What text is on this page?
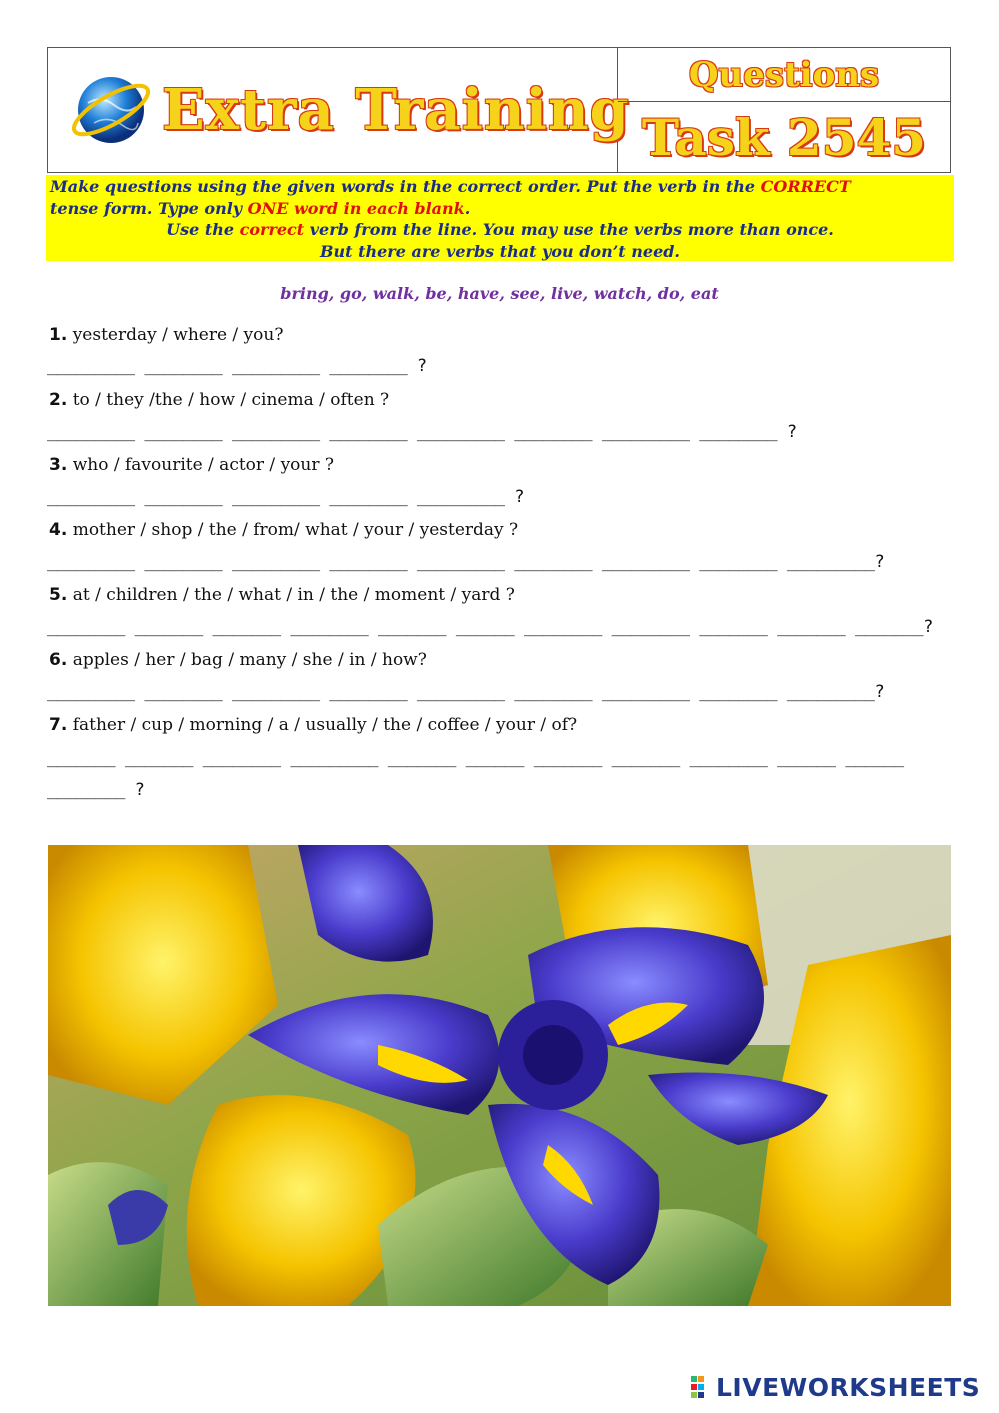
Extra Training
Questions
Task 2545
Make questions using the given words in the correct order. Put the verb in the CORRECT
tense form. Type only ONE word in each blank.
Use the correct verb from the line. You may use the verbs more than once.
But there are verbs that you don’t need.
bring, go, walk, be, have, see, live, watch, do, eat
1. yesterday / where / you?
_________ ________ _________ ________ ?
2. to / they /the / how / cinema / often ?
_________ ________ _________ ________ _________ ________ _________ ________ ?
3. who / favourite / actor / your ?
_________ ________ _________ ________ _________ ?
4. mother / shop / the / from/ what / your / yesterday ?
_________ ________ _________ ________ _________ ________ _________ ________ _________?
5. at / children / the / what / in / the / moment / yard ?
________ _______ _______ ________ _______ ______ ________ ________ _______ _______ _______?
6. apples / her / bag / many / she / in / how?
_________ ________ _________ ________ _________ ________ _________ ________ _________?
7. father / cup / morning / a / usually / the / coffee / your / of?
_______ _______ ________ _________ _______ ______ _______ _______ ________ ______ ______
________ ?
LIVEWORKSHEETS
